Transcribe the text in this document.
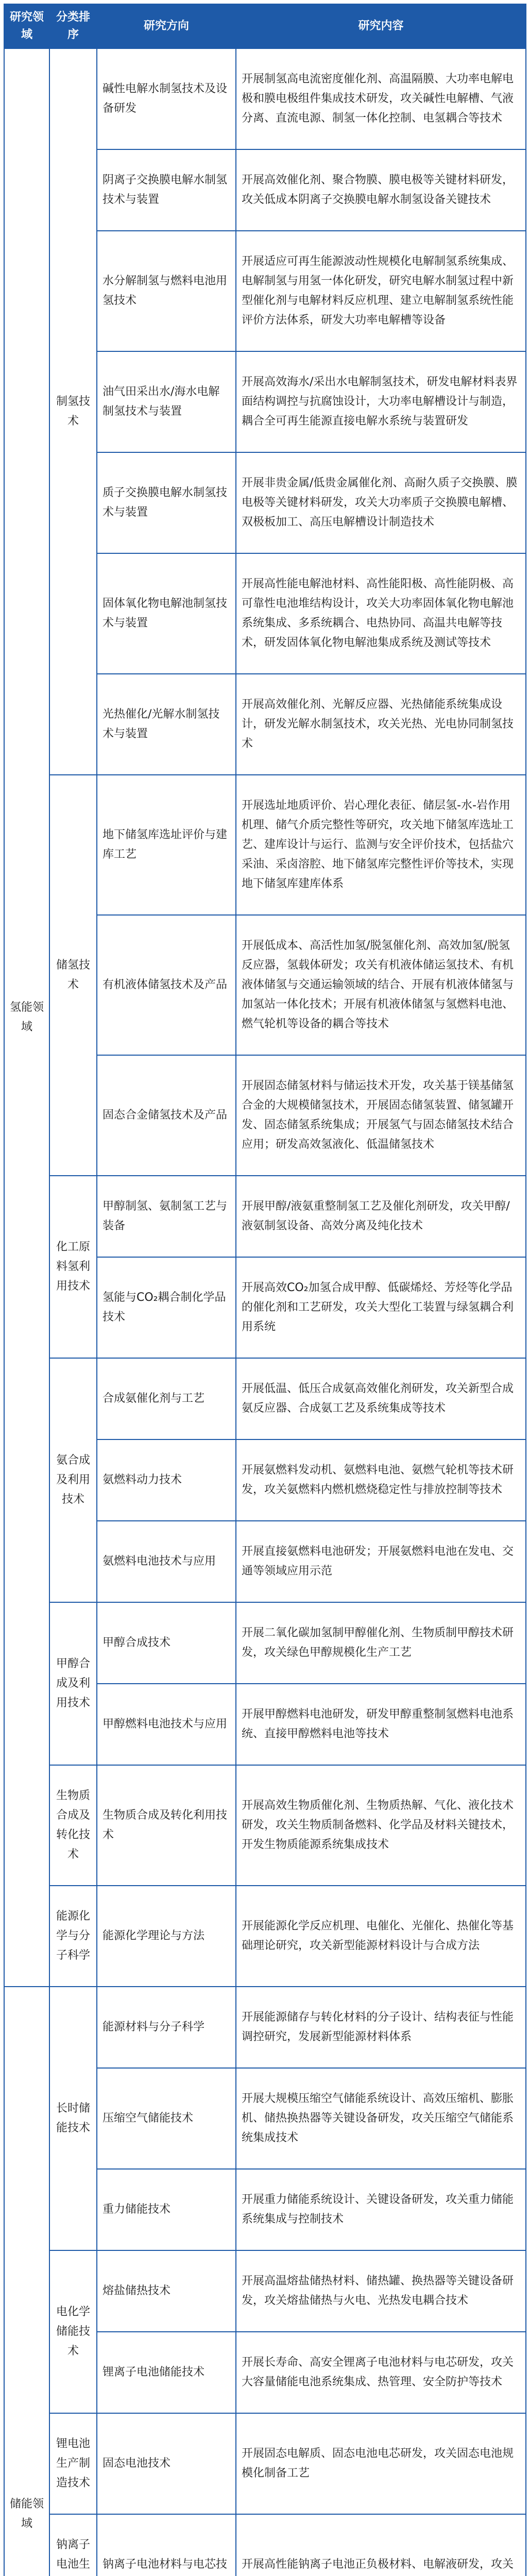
研究领域	分类排序	研究方向	研究内容
氢能领域	制氢技术	碱性电解水制氢技术及设备研发	开展制氢高电流密度催化剂、高温隔膜、大功率电解电极和膜电极组件集成技术研发，攻关碱性电解槽、气液分离、直流电源、制氢一体化控制、电氢耦合等技术
		阴离子交换膜电解水制氢技术与装置	开展高效催化剂、聚合物膜、膜电极等关键材料研发，攻关低成本阴离子交换膜电解水制氢设备关键技术
		水分解制氢与燃料电池用氢技术	开展适应可再生能源波动性规模化电解制氢系统集成、电解制氢与用氢一体化研发，研究电解水制氢过程中新型催化剂与电解材料反应机理、建立电解制氢系统性能评价方法体系，研发大功率电解槽等设备
		油气田采出水/海水电解制氢技术与装置	开展高效海水/采出水电解制氢技术，研发电解材料表界面结构调控与抗腐蚀设计，大功率电解槽设计与制造，耦合全可再生能源直接电解水系统与装置研发
		质子交换膜电解水制氢技术与装置	开展非贵金属/低贵金属催化剂、高耐久质子交换膜、膜电极等关键材料研发，攻关大功率质子交换膜电解槽、双极板加工、高压电解槽设计制造技术
		固体氧化物电解池制氢技术与装置	开展高性能电解池材料、高性能阳极、高性能阴极、高可靠性电池堆结构设计，攻关大功率固体氧化物电解池系统集成、多系统耦合、电热协同、高温共电解等技术，研发固体氧化物电解池集成系统及测试等技术
		光热催化/光解水制氢技术与装置	开展高效催化剂、光解反应器、光热储能系统集成设计，研发光解水制氢技术，攻关光热、光电协同制氢技术
	储氢技术	地下储氢库选址评价与建库工艺	开展选址地质评价、岩心理化表征、储层氢-水-岩作用机理、储气介质完整性等研究，攻关地下储氢库选址工艺、建库设计与运行、监测与安全评价技术，包括盐穴采油、采卤溶腔、地下储氢库完整性评价等技术，实现地下储氢库建库体系
		有机液体储氢技术及产品	开展低成本、高活性加氢/脱氢催化剂、高效加氢/脱氢反应器，氢载体研发；攻关有机液体储运氢技术、有机液体储氢与交通运输领域的结合、开展有机液体储氢与加氢站一体化技术；开展有机液体储氢与氢燃料电池、燃气轮机等设备的耦合等技术
		固态合金储氢技术及产品	开展固态储氢材料与储运技术开发，攻关基于镁基储氢合金的大规模储氢技术，开展固态储氢装置、储氢罐开发、固态储氢系统集成；开展氢气与固态储氢技术结合应用；研发高效氢液化、低温储氢技术
	化工原料氢利用技术	甲醇制氢、氨制氢工艺与装备	开展甲醇/液氨重整制氢工艺及催化剂研发，攻关甲醇/液氨制氢设备、高效分离及纯化技术
		氢能与CO₂耦合制化学品技术	开展高效CO₂加氢合成甲醇、低碳烯烃、芳烃等化学品的催化剂和工艺研发，攻关大型化工装置与绿氢耦合利用系统
	氨合成及利用技术	合成氨催化剂与工艺	开展低温、低压合成氨高效催化剂研发，攻关新型合成氨反应器、合成氨工艺及系统集成等技术
		氨燃料动力技术	开展氨燃料发动机、氨燃料电池、氨燃气轮机等技术研发，攻关氨燃料内燃机燃烧稳定性与排放控制等技术
		氨燃料电池技术与应用	开展直接氨燃料电池研发；开展氨燃料电池在发电、交通等领域应用示范
	甲醇合成及利用技术	甲醇合成技术	开展二氧化碳加氢制甲醇催化剂、生物质制甲醇技术研发，攻关绿色甲醇规模化生产工艺
		甲醇燃料电池技术与应用	开展甲醇燃料电池研发，研发甲醇重整制氢燃料电池系统、直接甲醇燃料电池等技术
	生物质合成及转化技术	生物质合成及转化利用技术	开展高效生物质催化剂、生物质热解、气化、液化技术研发，攻关生物质制备燃料、化学品及材料关键技术，开发生物质能源系统集成技术
	能源化学与分子科学	能源化学理论与方法	开展能源化学反应机理、电催化、光催化、热催化等基础理论研究，攻关新型能源材料设计与合成方法
储能领域	长时储能技术	能源材料与分子科学	开展能源储存与转化材料的分子设计、结构表征与性能调控研究，发展新型能源材料体系
		压缩空气储能技术	开展大规模压缩空气储能系统设计、高效压缩机、膨胀机、储热换热器等关键设备研发，攻关压缩空气储能系统集成技术
		重力储能技术	开展重力储能系统设计、关键设备研发，攻关重力储能系统集成与控制技术
	电化学储能技术	熔盐储热技术	开展高温熔盐储热材料、储热罐、换热器等关键设备研发，攻关熔盐储热与火电、光热发电耦合技术
		锂离子电池储能技术	开展长寿命、高安全锂离子电池材料与电芯研发，攻关大容量储能电池系统集成、热管理、安全防护等技术
	锂电池生产制造技术	固态电池技术	开展固态电解质、固态电池电芯研发，攻关固态电池规模化制备工艺
	钠离子电池生	钠离子电池材料与电芯技	开展高性能钠离子电池正负极材料、电解液研发，攻关
